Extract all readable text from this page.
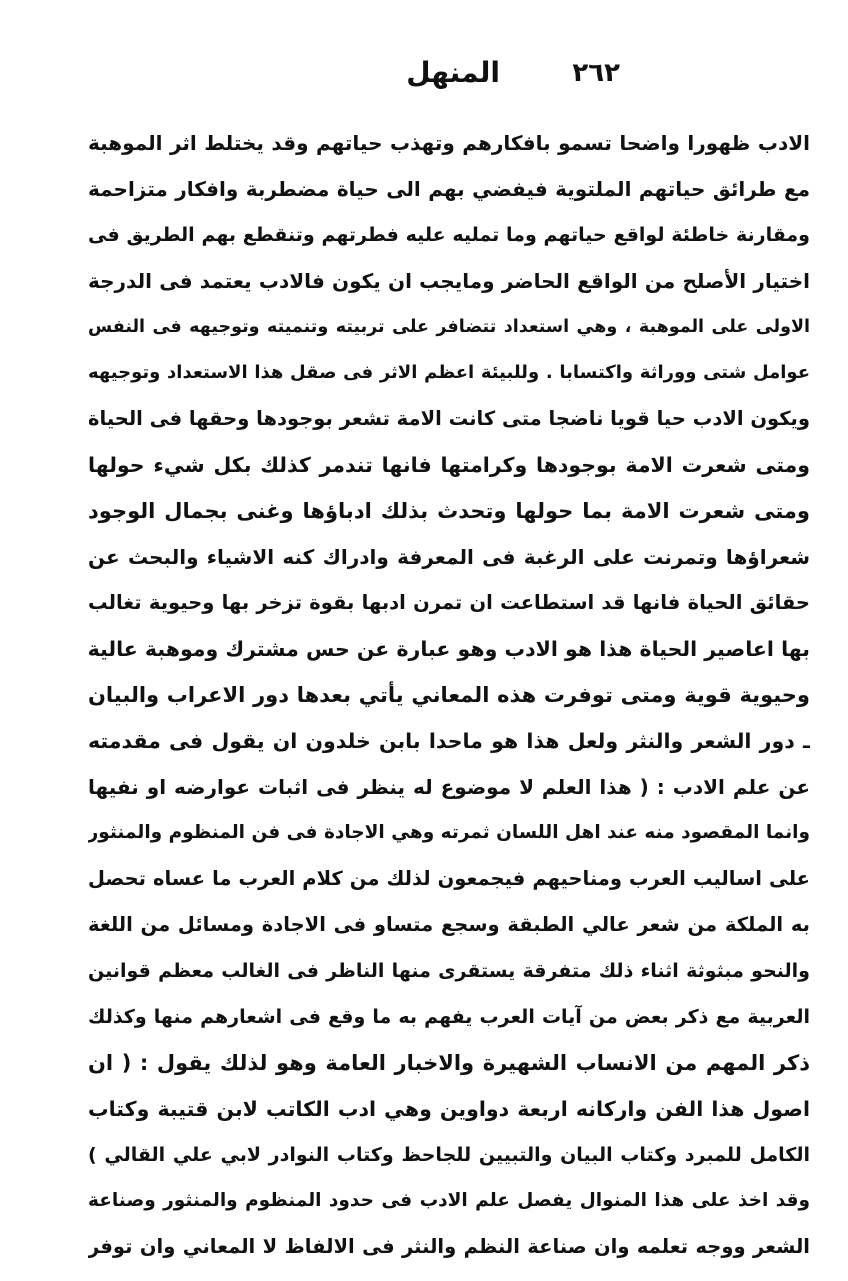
٢٦٢
المنهل
الادب ظهورا واضحا تسمو بافكارهم وتهذب حياتهم وقد يختلط اثر الموهبة
مع طرائق حياتهم الملتوية فيفضي بهم الى حياة مضطربة وافكار متزاحمة
ومقارنة خاطئة لواقع حياتهم وما تمليه عليه فطرتهم وتنقطع بهم الطريق فى
اختيار الأصلح من الواقع الحاضر ومايجب ان يكون فالادب يعتمد فى الدرجة
الاولى على الموهبة ، وهي استعداد تتضافر على تربيته وتنميته وتوجيهه فى النفس
عوامل شتى ووراثة واكتسابا . وللبيئة اعظم الاثر فى صقل هذا الاستعداد وتوجيهه
ويكون الادب حيا قويا ناضجا متى كانت الامة تشعر بوجودها وحقها فى الحياة
ومتى شعرت الامة بوجودها وكرامتها فانها تندمر كذلك بكل شيء حولها
ومتى شعرت الامة بما حولها وتحدث بذلك ادباؤها وغنى بجمال الوجود
شعراؤها وتمرنت على الرغبة فى المعرفة وادراك كنه الاشياء والبحث عن
حقائق الحياة فانها قد استطاعت ان تمرن ادبها بقوة تزخر بها وحيوية تغالب
بها اعاصير الحياة هذا هو الادب وهو عبارة عن حس مشترك وموهبة عالية
وحيوية قوية ومتى توفرت هذه المعاني يأتي بعدها دور الاعراب والبيان
ـ دور الشعر والنثر ولعل هذا هو ماحدا بابن خلدون ان يقول فى مقدمته
عن علم الادب : ( هذا العلم لا موضوع له ينظر فى اثبات عوارضه او نفيها
وانما المقصود منه عند اهل اللسان ثمرته وهي الاجادة فى فن المنظوم والمنثور
على اساليب العرب ومناحيهم فيجمعون لذلك من كلام العرب ما عساه تحصل
به الملكة من شعر عالي الطبقة وسجع متساو فى الاجادة ومسائل من اللغة
والنحو مبثوثة اثناء ذلك متفرقة يستقرى منها الناظر فى الغالب معظم قوانين
العربية مع ذكر بعض من آيات العرب يفهم به ما وقع فى اشعارهم منها وكذلك
ذكر المهم من الانساب الشهيرة والاخبار العامة وهو لذلك يقول : ( ان
اصول هذا الفن واركانه اربعة دواوين وهي ادب الكاتب لابن قتيبة وكتاب
الكامل للمبرد وكتاب البيان والتبيين للجاحظ وكتاب النوادر لابي علي القالي )
وقد اخذ على هذا المنوال يفصل علم الادب فى حدود المنظوم والمنثور وصناعة
الشعر ووجه تعلمه وان صناعة النظم والنثر فى الالفاظ لا المعاني وان توفر
